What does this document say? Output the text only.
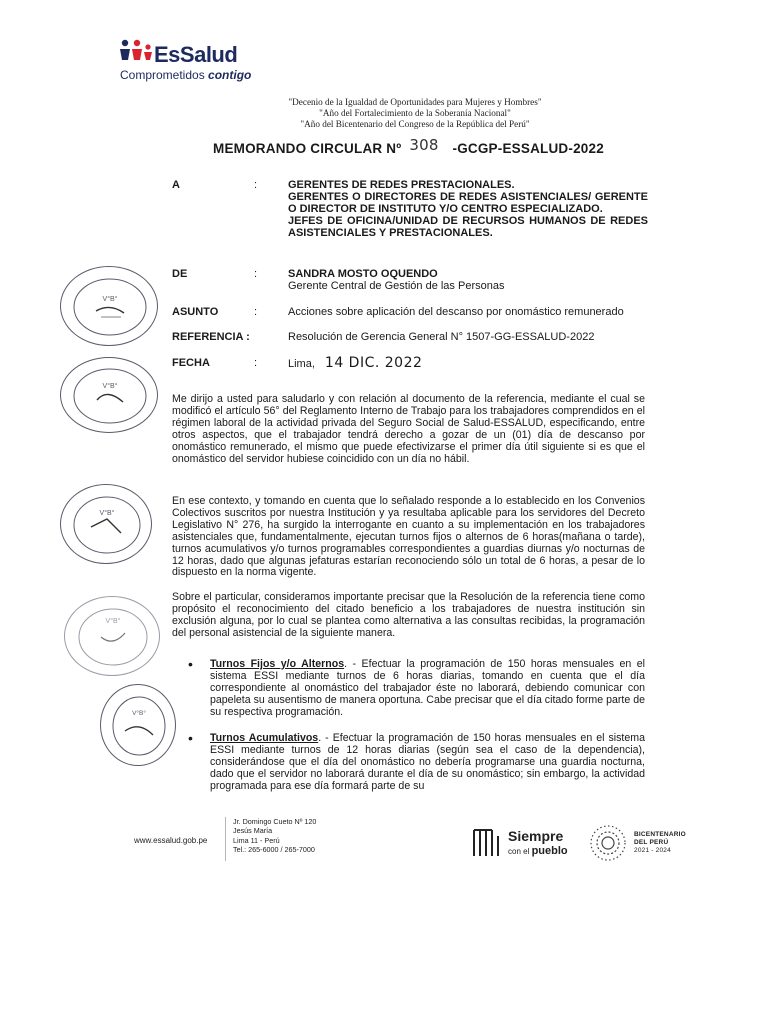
EsSalud
Comprometidos contigo
"Decenio de la Igualdad de Oportunidades para Mujeres y Hombres"
"Año del Fortalecimiento de la Soberanía Nacional"
"Año del Bicentenario del Congreso de la República del Perú"
MEMORANDO CIRCULAR Nº 308 -GCGP-ESSALUD-2022
A	:	GERENTES DE REDES PRESTACIONALES.
GERENTES O DIRECTORES DE REDES ASISTENCIALES/ GERENTE O DIRECTOR DE INSTITUTO Y/O CENTRO ESPECIALIZADO.
JEFES DE OFICINA/UNIDAD DE RECURSOS HUMANOS DE REDES ASISTENCIALES Y PRESTACIONALES.
DE	:	SANDRA MOSTO OQUENDO
Gerente Central de Gestión de las Personas
ASUNTO	:	Acciones sobre aplicación del descanso por onomástico remunerado
REFERENCIA :	Resolución de Gerencia General N° 1507-GG-ESSALUD-2022
FECHA	:	Lima, 14 DIC. 2022
Me dirijo a usted para saludarlo y con relación al documento de la referencia, mediante el cual se modificó el artículo 56° del Reglamento Interno de Trabajo para los trabajadores comprendidos en el régimen laboral de la actividad privada del Seguro Social de Salud-ESSALUD, especificando, entre otros aspectos, que el trabajador tendrá derecho a gozar de un (01) día de descanso por onomástico remunerado, el mismo que puede efectivizarse el primer día útil siguiente si es que el onomástico del servidor hubiese coincidido con un día no hábil.
En ese contexto, y tomando en cuenta que lo señalado responde a lo establecido en los Convenios Colectivos suscritos por nuestra Institución y ya resultaba aplicable para los servidores del Decreto Legislativo N° 276, ha surgido la interrogante en cuanto a su implementación en los trabajadores asistenciales que, fundamentalmente, ejecutan turnos fijos o alternos de 6 horas(mañana o tarde), turnos acumulativos y/o turnos programables correspondientes a guardias diurnas y/o nocturnas de 12 horas, dado que algunas jefaturas estarían reconociendo sólo un total de 6 horas, a pesar de lo dispuesto en la norma vigente.
Sobre el particular, consideramos importante precisar que la Resolución de la referencia tiene como propósito el reconocimiento del citado beneficio a los trabajadores de nuestra institución sin exclusión alguna, por lo cual se plantea como alternativa a las consultas recibidas, la programación del personal asistencial de la siguiente manera.
•	Turnos Fijos y/o Alternos. - Efectuar la programación de 150 horas mensuales en el sistema ESSI mediante turnos de 6 horas diarias, tomando en cuenta que el día correspondiente al onomástico del trabajador éste no laborará, debiendo comunicar con papeleta su ausentismo de manera oportuna. Cabe precisar que el día citado forme parte de su respectiva programación.
•	Turnos Acumulativos. - Efectuar la programación de 150 horas mensuales en el sistema ESSI mediante turnos de 12 horas diarias (según sea el caso de la dependencia), considerándose que el día del onomástico no debería programarse una guardia nocturna, dado que el servidor no laborará durante el día de su onomástico; sin embargo, la actividad programada para ese día formará parte de su
V°B°
V°B°
V°B°
V°B°
V°B°
www.essalud.gob.pe
Jr. Domingo Cueto Nº 120
Jesús María
Lima 11 - Perú
Tel.: 265-6000 / 265-7000
Siempre
con el pueblo
BICENTENARIO
DEL PERÚ
2021 - 2024
